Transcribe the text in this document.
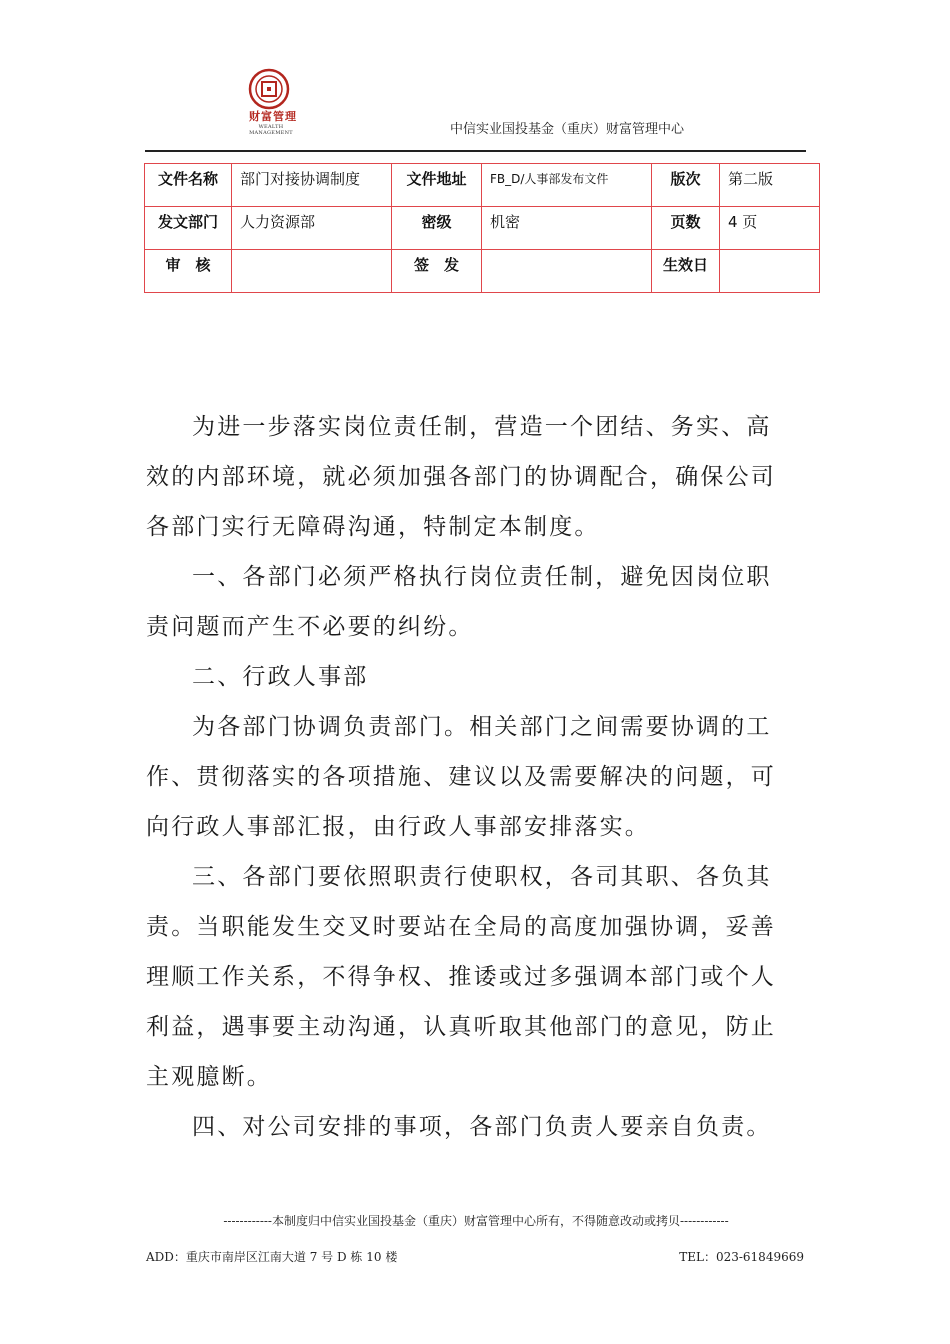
财富管理
WEALTH MANAGEMENT	中信实业国投基金（重庆）财富管理中心
文件名称	部门对接协调制度	文件地址	FB_D/人事部发布文件	版次	第二版
发文部门	人力资源部	密级	机密	页数	4 页
审　核		签　发		生效日	

为进一步落实岗位责任制，营造一个团结、务实、高效的内部环境，就必须加强各部门的协调配合，确保公司各部门实行无障碍沟通，特制定本制度。

一、各部门必须严格执行岗位责任制，避免因岗位职责问题而产生不必要的纠纷。

二、行政人事部

为各部门协调负责部门。相关部门之间需要协调的工作、贯彻落实的各项措施、建议以及需要解决的问题，可向行政人事部汇报，由行政人事部安排落实。

三、各部门要依照职责行使职权，各司其职、各负其责。当职能发生交叉时要站在全局的高度加强协调，妥善理顺工作关系，不得争权、推诿或过多强调本部门或个人利益，遇事要主动沟通，认真听取其他部门的意见，防止主观臆断。

四、对公司安排的事项，各部门负责人要亲自负责。

------------本制度归中信实业国投基金（重庆）财富管理中心所有，不得随意改动或拷贝------------
ADD：重庆市南岸区江南大道 7 号 D 栋 10 楼	TEL：023-61849669
